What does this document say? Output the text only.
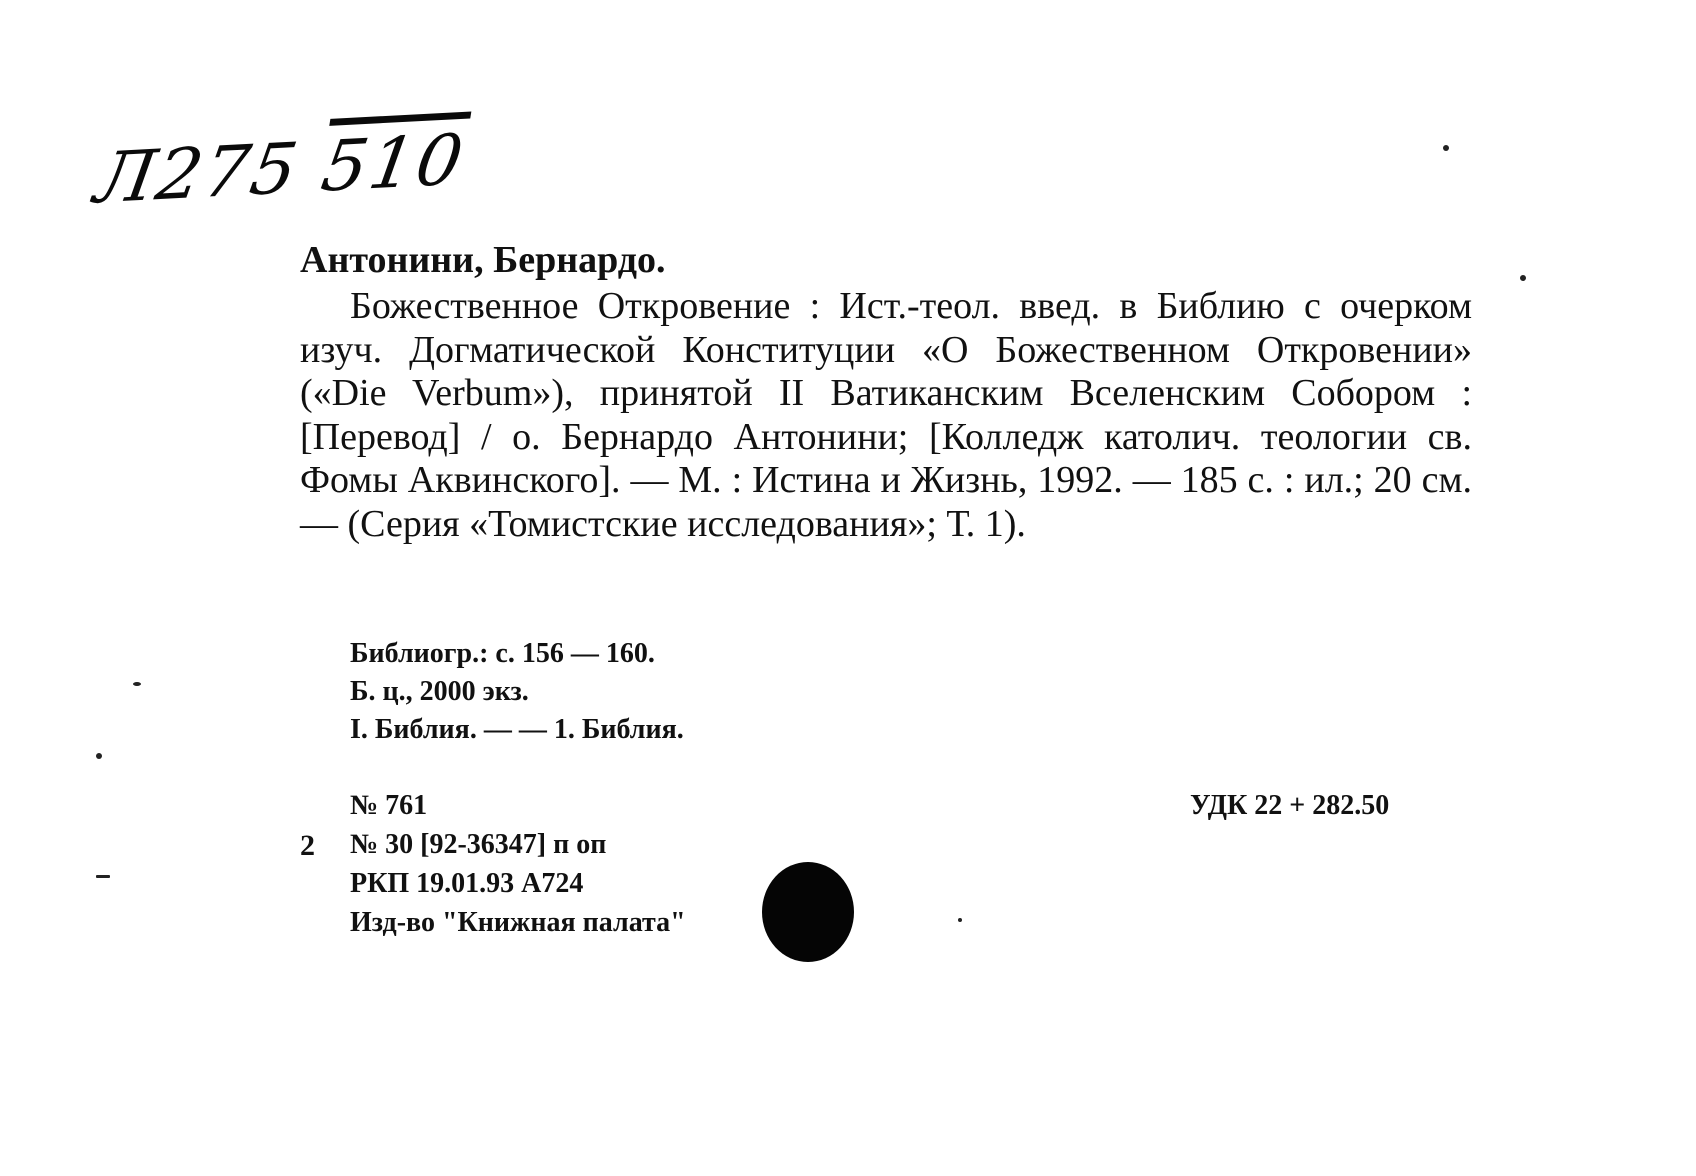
Л275 510
Антонини, Бернардо.
Божественное Откровение : Ист.-теол. введ. в Библию с очерком изуч. Догматической Конституции «О Божественном Откровении» («Die Verbum»), принятой II Ватиканским Вселенским Собором : [Перевод] / о. Бернардо Антонини; [Колледж католич. теологии св. Фомы Аквинского]. — М. : Истина и Жизнь, 1992. — 185 с. : ил.; 20 см. — (Серия «Томистские исследования»; Т. 1).
Библиогр.: с. 156 — 160.
Б. ц., 2000 экз.
I. Библия. — — 1. Библия.
№ 761	УДК 22 + 282.50
2 № 30 [92-36347] п оп
РКП 19.01.93 А724
Изд-во "Книжная палата"
